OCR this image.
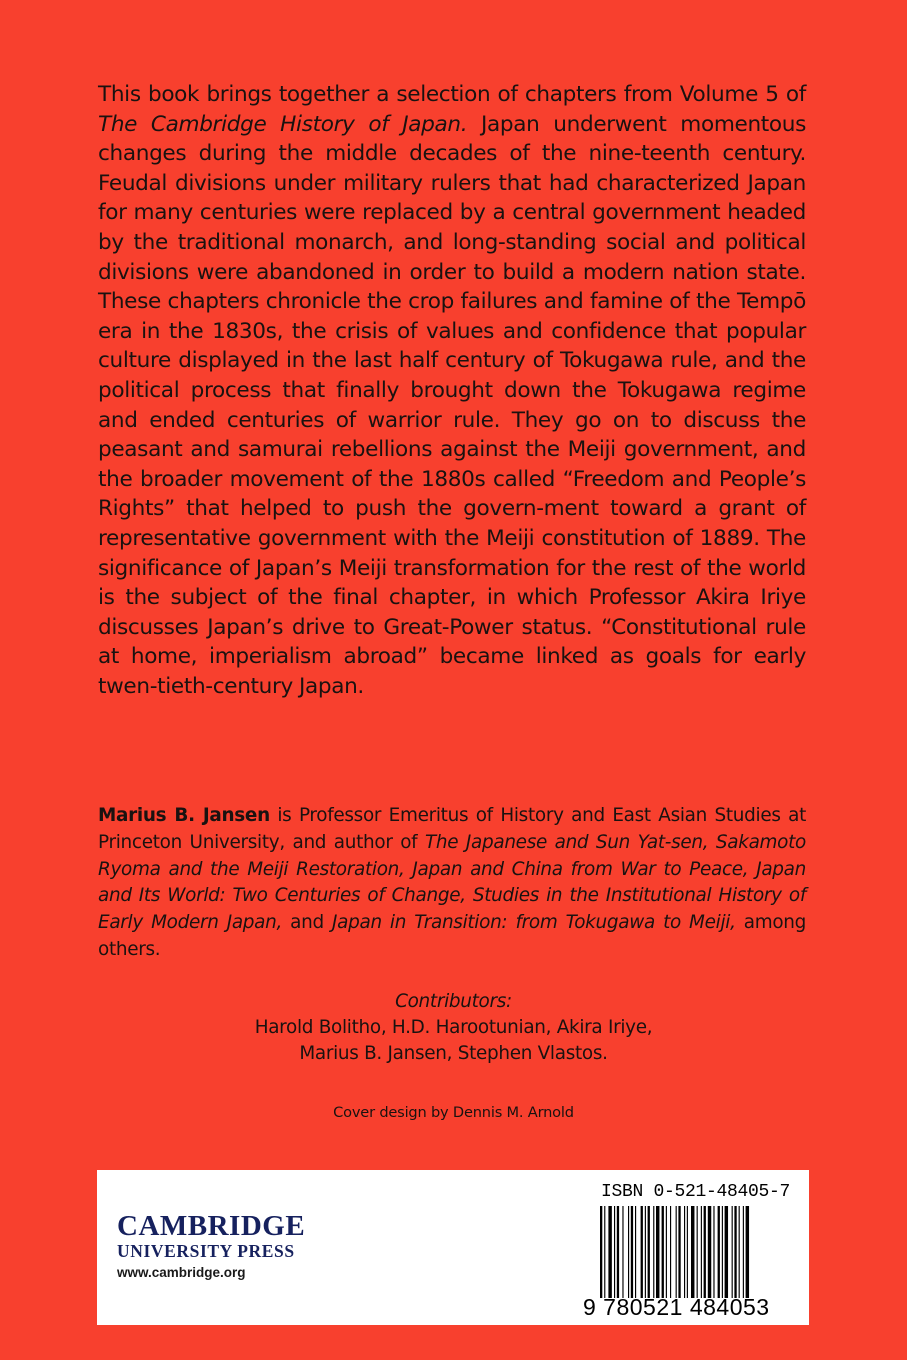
This book brings together a selection of chapters from Volume 5 of The Cambridge History of Japan. Japan underwent momentous changes during the middle decades of the nine-teenth century. Feudal divisions under military rulers that had characterized Japan for many centuries were replaced by a central government headed by the traditional monarch, and long-standing social and political divisions were abandoned in order to build a modern nation state. These chapters chronicle the crop failures and famine of the Tempō era in the 1830s, the crisis of values and confidence that popular culture displayed in the last half century of Tokugawa rule, and the political process that finally brought down the Tokugawa regime and ended centuries of warrior rule. They go on to discuss the peasant and samurai rebellions against the Meiji government, and the broader movement of the 1880s called “Freedom and People’s Rights” that helped to push the govern-ment toward a grant of representative government with the Meiji constitution of 1889. The significance of Japan’s Meiji transformation for the rest of the world is the subject of the final chapter, in which Professor Akira Iriye discusses Japan’s drive to Great-Power status. “Constitutional rule at home, imperialism abroad” became linked as goals for early twen-tieth-century Japan.
Marius B. Jansen is Professor Emeritus of History and East Asian Studies at Princeton University, and author of The Japanese and Sun Yat-sen, Sakamoto Ryoma and the Meiji Restoration, Japan and China from War to Peace, Japan and Its World: Two Centuries of Change, Studies in the Institutional History of Early Modern Japan, and Japan in Transition: from Tokugawa to Meiji, among others.
Contributors:
Harold Bolitho, H.D. Harootunian, Akira Iriye,
Marius B. Jansen, Stephen Vlastos.
Cover design by Dennis M. Arnold
CAMBRIDGE
UNIVERSITY PRESS
www.cambridge.org
ISBN 0-521-48405-7
9 780521 484053
